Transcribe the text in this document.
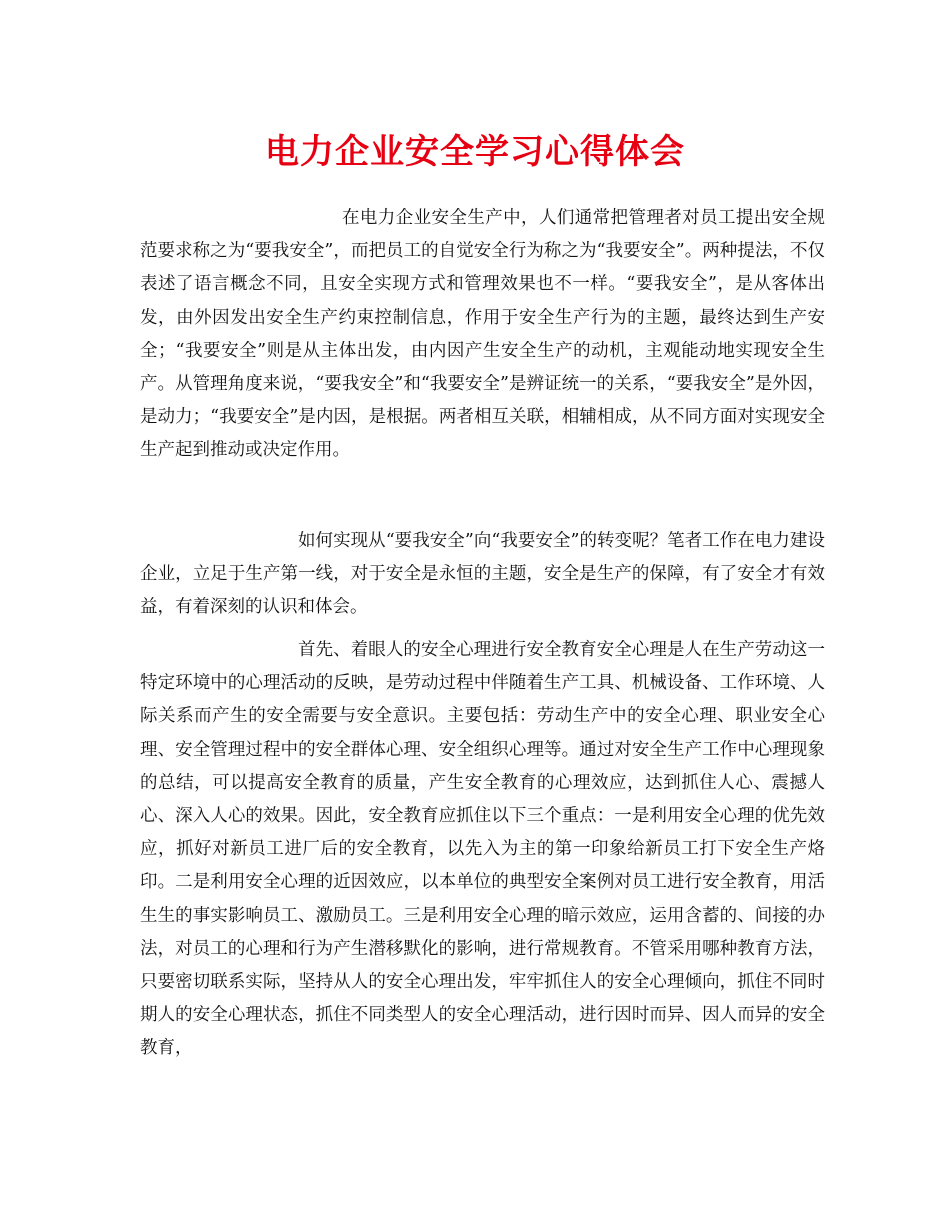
电力企业安全学习心得体会

在电力企业安全生产中，人们通常把管理者对员工提出安全规范要求称之为“要我安全”，而把员工的自觉安全行为称之为“我要安全”。两种提法，不仅表述了语言概念不同，且安全实现方式和管理效果也不一样。“要我安全”，是从客体出发，由外因发出安全生产约束控制信息，作用于安全生产行为的主题，最终达到生产安全；“我要安全”则是从主体出发，由内因产生安全生产的动机，主观能动地实现安全生产。从管理角度来说，“要我安全”和“我要安全”是辨证统一的关系，“要我安全”是外因，是动力；“我要安全”是内因，是根据。两者相互关联，相辅相成，从不同方面对实现安全生产起到推动或决定作用。

如何实现从“要我安全”向“我要安全”的转变呢？笔者工作在电力建设企业，立足于生产第一线，对于安全是永恒的主题，安全是生产的保障，有了安全才有效益，有着深刻的认识和体会。

首先、着眼人的安全心理进行安全教育安全心理是人在生产劳动这一特定环境中的心理活动的反映，是劳动过程中伴随着生产工具、机械设备、工作环境、人际关系而产生的安全需要与安全意识。主要包括：劳动生产中的安全心理、职业安全心理、安全管理过程中的安全群体心理、安全组织心理等。通过对安全生产工作中心理现象的总结，可以提高安全教育的质量，产生安全教育的心理效应，达到抓住人心、震撼人心、深入人心的效果。因此，安全教育应抓住以下三个重点：一是利用安全心理的优先效应，抓好对新员工进厂后的安全教育，以先入为主的第一印象给新员工打下安全生产烙印。二是利用安全心理的近因效应，以本单位的典型安全案例对员工进行安全教育，用活生生的事实影响员工、激励员工。三是利用安全心理的暗示效应，运用含蓄的、间接的办法，对员工的心理和行为产生潜移默化的影响，进行常规教育。不管采用哪种教育方法，只要密切联系实际，坚持从人的安全心理出发，牢牢抓住人的安全心理倾向，抓住不同时期人的安全心理状态，抓住不同类型人的安全心理活动，进行因时而异、因人而异的安全教育，
